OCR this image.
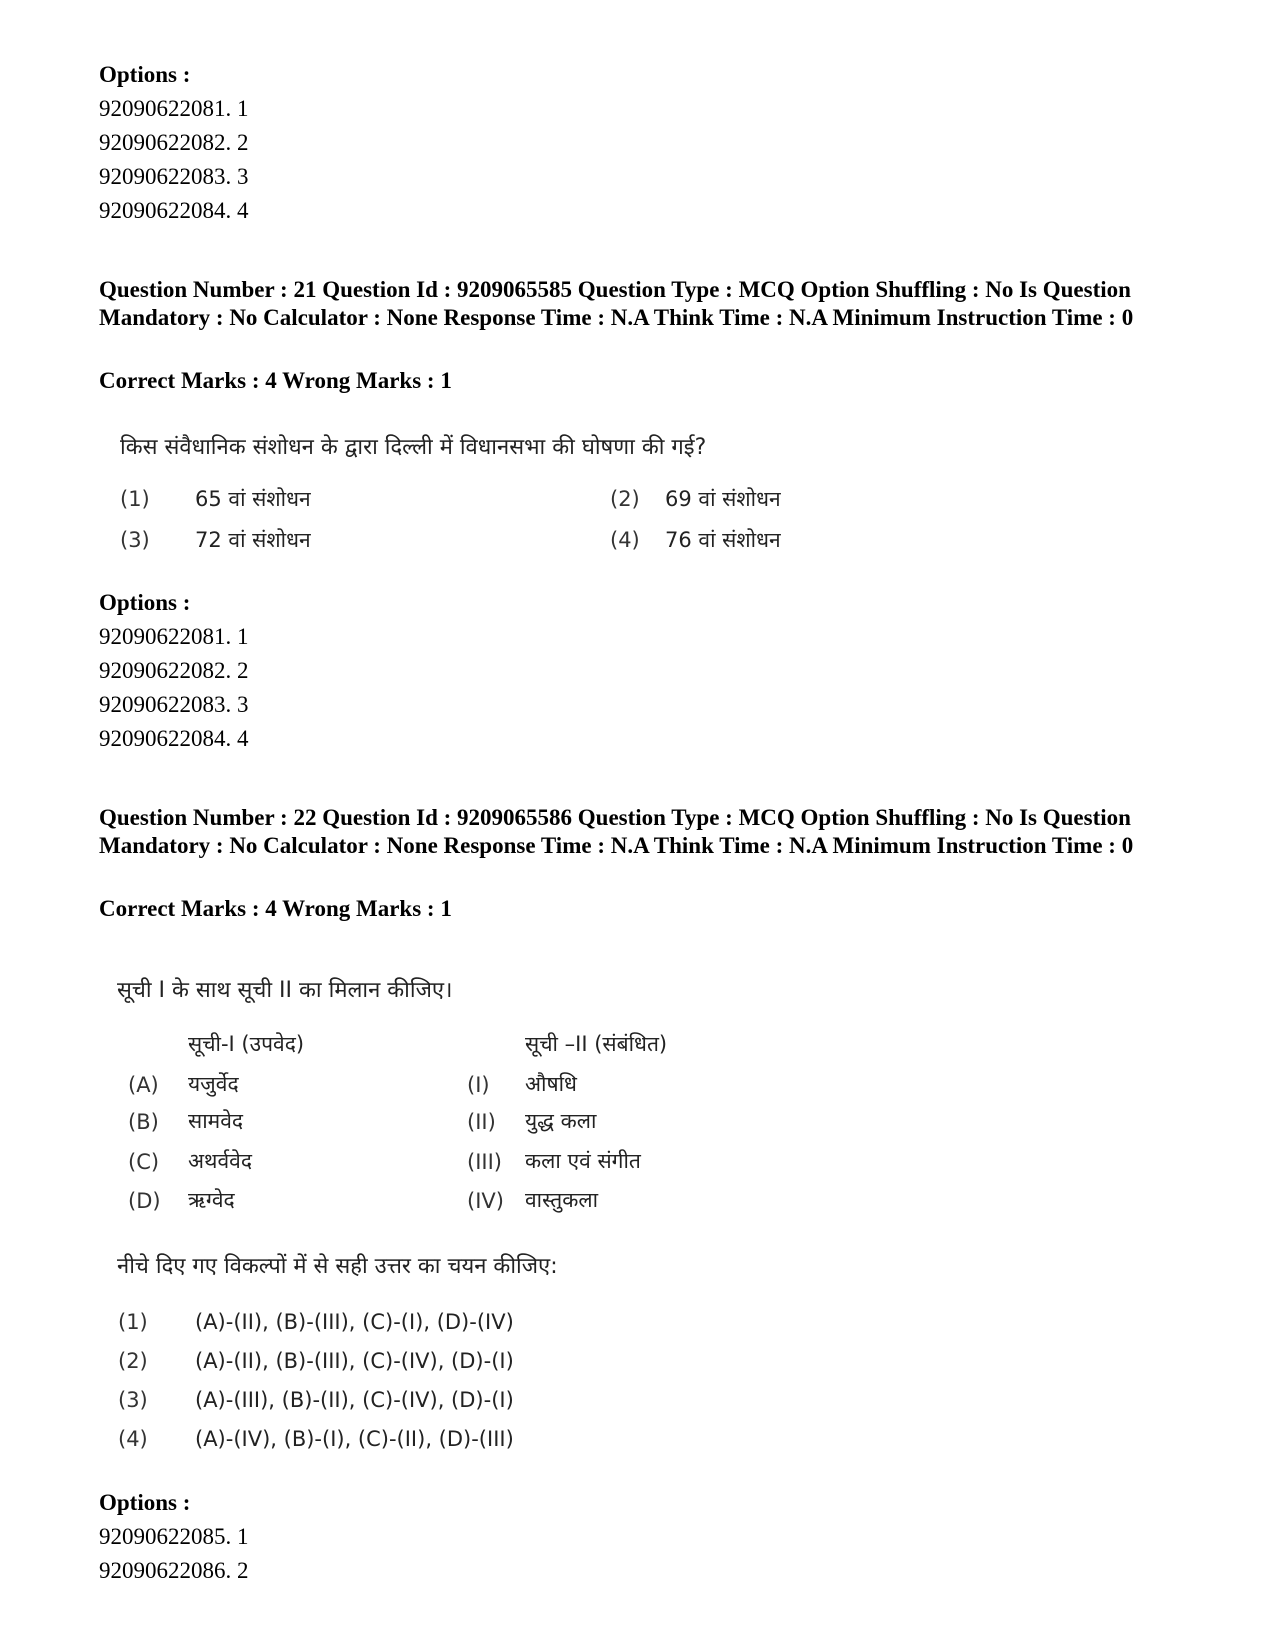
Options :
92090622081. 1
92090622082. 2
92090622083. 3
92090622084. 4
Question Number : 21 Question Id : 9209065585 Question Type : MCQ Option Shuffling : No Is Question Mandatory : No Calculator : None Response Time : N.A Think Time : N.A Minimum Instruction Time : 0
Correct Marks : 4 Wrong Marks : 1
किस संवैधानिक संशोधन के द्वारा दिल्ली में विधानसभा की घोषणा की गई?
(1) 65 वां संशोधन	(2) 69 वां संशोधन
(3) 72 वां संशोधन	(4) 76 वां संशोधन
Options :
92090622081. 1
92090622082. 2
92090622083. 3
92090622084. 4
Question Number : 22 Question Id : 9209065586 Question Type : MCQ Option Shuffling : No Is Question Mandatory : No Calculator : None Response Time : N.A Think Time : N.A Minimum Instruction Time : 0
Correct Marks : 4 Wrong Marks : 1
सूची I के साथ सूची II का मिलान कीजिए।
सूची-I (उपवेद)	सूची –II (संबंधित)
(A) यजुर्वेद	(I) औषधि
(B) सामवेद	(II) युद्ध कला
(C) अथर्ववेद	(III) कला एवं संगीत
(D) ऋग्वेद	(IV) वास्तुकला
नीचे दिए गए विकल्पों में से सही उत्तर का चयन कीजिए:
(1) (A)-(II), (B)-(III), (C)-(I), (D)-(IV)
(2) (A)-(II), (B)-(III), (C)-(IV), (D)-(I)
(3) (A)-(III), (B)-(II), (C)-(IV), (D)-(I)
(4) (A)-(IV), (B)-(I), (C)-(II), (D)-(III)
Options :
92090622085. 1
92090622086. 2
